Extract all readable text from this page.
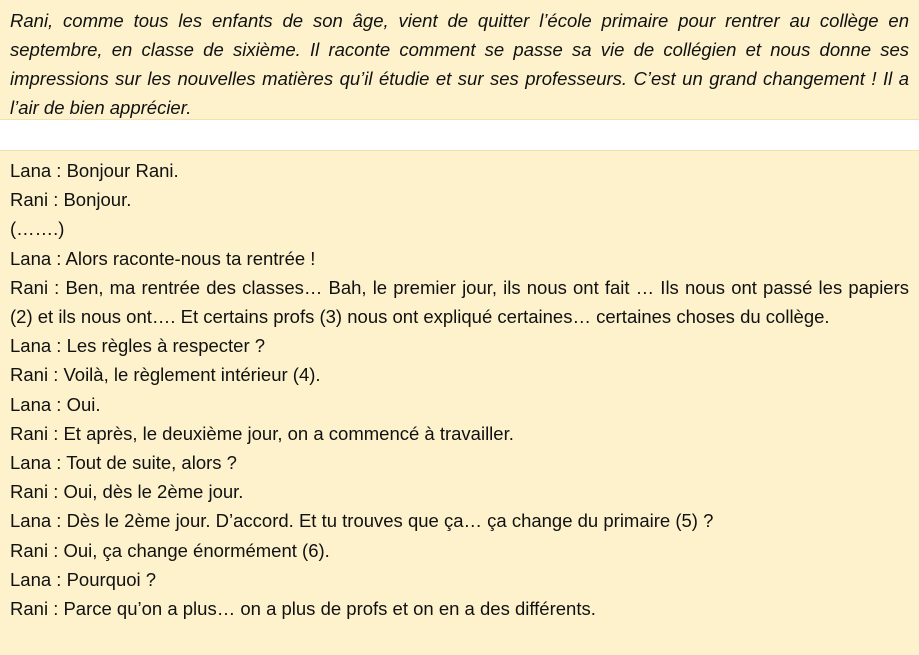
Rani, comme tous les enfants de son âge, vient de quitter l’école primaire pour rentrer au collège en septembre, en classe de sixième. Il raconte comment se passe sa vie de collégien et nous donne ses impressions sur les nouvelles matières qu’il étudie et sur ses professeurs. C’est un grand changement ! Il a l’air de bien apprécier.

Lana : Bonjour Rani.

Rani : Bonjour.

(…….)

Lana : Alors raconte-nous ta rentrée !

Rani : Ben, ma rentrée des classes… Bah, le premier jour, ils nous ont fait … Ils nous ont passé les papiers (2) et ils nous ont…. Et certains profs (3) nous ont expliqué certaines… certaines choses du collège.

Lana : Les règles à respecter ?

Rani : Voilà, le règlement intérieur (4).

Lana : Oui.

Rani : Et après, le deuxième jour, on a commencé à travailler.

Lana : Tout de suite, alors ?

Rani : Oui, dès le 2ème jour.

Lana : Dès le 2ème jour. D’accord. Et tu trouves que ça… ça change du primaire (5) ?

Rani : Oui, ça change énormément (6).

Lana : Pourquoi ?

Rani : Parce qu’on a plus… on a plus de profs et on en a des différents.
